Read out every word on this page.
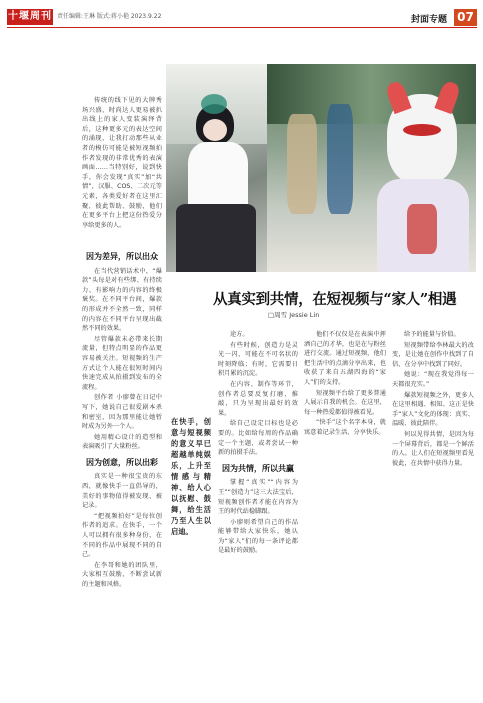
十堰周刊 责任编辑:王琳 版式:蒋小艳 2023.9.22	封面专题 07
从真实到共情，在短视频与“家人”相遇
□周雪 Jessie Lin

传统的线下见的大牌秀场兴盛，时尚达人更易被扒出线上的家人变装演绎背后，这种更多元的表达空间的涌现，让我打动那些从业者的模仿可能是被短视频拍作者发现的非常优秀的表演画面……当特别好，说到快手，你会发现“真实”加“共情”，汉服、COS、二次元等元素，各类爱好者在这里汇聚，彼此帮助、鼓励，他们在更多平台上把这份热爱分享给更多的人。

因为差异，所以出众

在当代营销话术中，“爆款”头每是对有些绑、有持续力、有影响力的内容的终极褒奖。在不同平台间，爆款的形成并不全然一致，同样的内容在不同平台呈现出截然不同的效果。

尽管爆款未必带来长期流量，但特点明显的作品更容易被关注。短视频的生产方式让个人能在很短时间内快速完成从拍摄到发布的全流程。

创作者 小廖曾在日记中写下，她说自己很爱剧本杀和密室，因为那里能让她暂时成为另外一个人。

她用精心设计的造型和表演吸引了大量粉丝。

因为创意，所以出彩

真实是一种很宝贵的东西，就像快手一直倡导的，美好的事物值得被发现、被记录。

“把视频拍好”是每位创作者的追求。在快手，一个人可以拥有很多种身份，在不同的作品中展现不同的自己。

在李哥和她的团队里，大家相互鼓励，不断尝试新的主题和风格。

在快手，创意与短视频的意义早已超越单纯娱乐，上升至情感与精神、给人心以抚慰、鼓舞，给生活乃至人生以启迪。

途方。

有些时候，创造力是灵光一闪，可能在不可名状的时刻降临；有时，它需要日积月累的沉淀。

在内容、制作等环节，创作者总要反复打磨、推敲，只为呈现出最好的效果。

给自己设定目标也是必要的。比如给每周的作品确定一个主题，或者尝试一种新的拍摄手法。

因为共情，所以共赢

掌握“真实”“内容为王”“创造力”这三大法宝后，短视频创作者才能在内容为王的时代站稳脚跟。

小廖则希望自己的作品能够带给大家快乐，她认为“家人”们的每一条评论都是最好的鼓励。

他们不仅仅是在表演中挥洒自己的才华，也是在与粉丝进行交流。通过短视频，他们把生活中的点滴分享出来，也收获了来自五湖四海的“家人”们的支持。

短视频平台给了更多普通人展示自我的机会。在这里，每一种热爱都值得被看见。

“快手”这个名字本身，就寓意着记录生活、分享快乐。

给予的能量与价值。

短视频带给李林最大的改变，是让她在创作中找到了自信，在分享中找到了同好。

她说：“现在我觉得每一天都很充实。”

爆款短视频之外，更多人在这里相遇、相知。这正是快手“家人”文化的体现：真实、温暖、彼此陪伴。

何以见得共情，是因为每一个屏幕背后，都是一个鲜活的人。让人们在短视频里看见彼此，在共情中获得力量。
